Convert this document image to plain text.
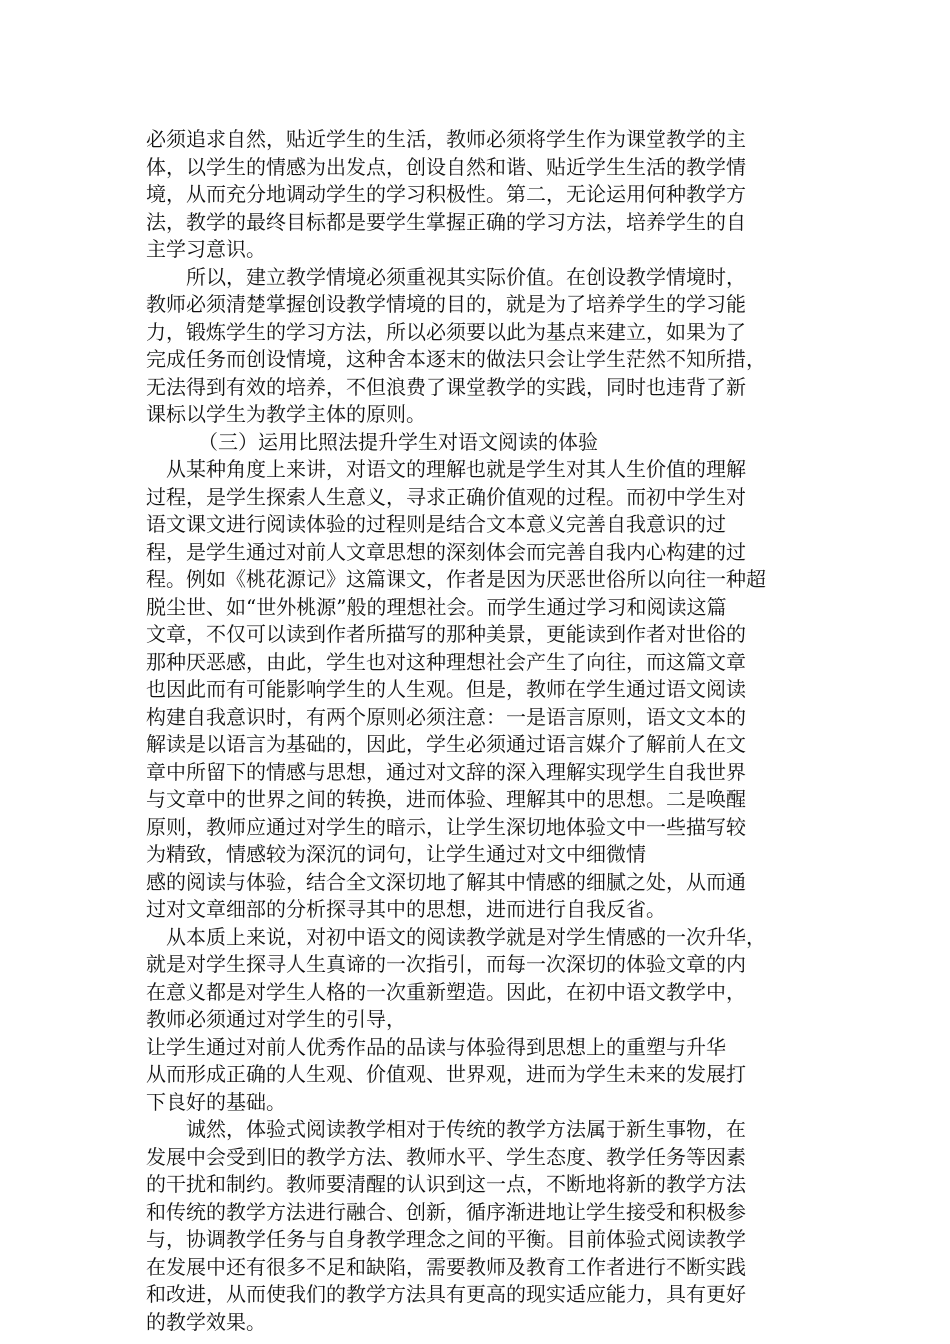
必须追求自然，贴近学生的生活，教师必须将学生作为课堂教学的主
体，以学生的情感为出发点，创设自然和谐、贴近学生生活的教学情
境，从而充分地调动学生的学习积极性。第二，无论运用何种教学方
法，教学的最终目标都是要学生掌握正确的学习方法，培养学生的自
主学习意识。
所以，建立教学情境必须重视其实际价值。在创设教学情境时，
教师必须清楚掌握创设教学情境的目的，就是为了培养学生的学习能
力，锻炼学生的学习方法，所以必须要以此为基点来建立，如果为了
完成任务而创设情境，这种舍本逐末的做法只会让学生茫然不知所措，
无法得到有效的培养，不但浪费了课堂教学的实践，同时也违背了新
课标以学生为教学主体的原则。
（三）运用比照法提升学生对语文阅读的体验
从某种角度上来讲，对语文的理解也就是学生对其人生价值的理解
过程，是学生探索人生意义，寻求正确价值观的过程。而初中学生对
语文课文进行阅读体验的过程则是结合文本意义完善自我意识的过
程，是学生通过对前人文章思想的深刻体会而完善自我内心构建的过
程。例如《桃花源记》这篇课文，作者是因为厌恶世俗所以向往一种超
脱尘世、如“世外桃源”般的理想社会。而学生通过学习和阅读这篇
文章，不仅可以读到作者所描写的那种美景，更能读到作者对世俗的
那种厌恶感，由此，学生也对这种理想社会产生了向往，而这篇文章
也因此而有可能影响学生的人生观。但是，教师在学生通过语文阅读
构建自我意识时，有两个原则必须注意：一是语言原则，语文文本的
解读是以语言为基础的，因此，学生必须通过语言媒介了解前人在文
章中所留下的情感与思想，通过对文辞的深入理解实现学生自我世界
与文章中的世界之间的转换，进而体验、理解其中的思想。二是唤醒
原则，教师应通过对学生的暗示，让学生深切地体验文中一些描写较
为精致，情感较为深沉的词句，让学生通过对文中细微情
感的阅读与体验，结合全文深切地了解其中情感的细腻之处，从而通
过对文章细部的分析探寻其中的思想，进而进行自我反省。
从本质上来说，对初中语文的阅读教学就是对学生情感的一次升华，
就是对学生探寻人生真谛的一次指引，而每一次深切的体验文章的内
在意义都是对学生人格的一次重新塑造。因此，在初中语文教学中，
教师必须通过对学生的引导，
让学生通过对前人优秀作品的品读与体验得到思想上的重塑与升华
从而形成正确的人生观、价值观、世界观，进而为学生未来的发展打
下良好的基础。
诚然，体验式阅读教学相对于传统的教学方法属于新生事物，在
发展中会受到旧的教学方法、教师水平、学生态度、教学任务等因素
的干扰和制约。教师要清醒的认识到这一点，不断地将新的教学方法
和传统的教学方法进行融合、创新，循序渐进地让学生接受和积极参
与，协调教学任务与自身教学理念之间的平衡。目前体验式阅读教学
在发展中还有很多不足和缺陷，需要教师及教育工作者进行不断实践
和改进，从而使我们的教学方法具有更高的现实适应能力，具有更好
的教学效果。
